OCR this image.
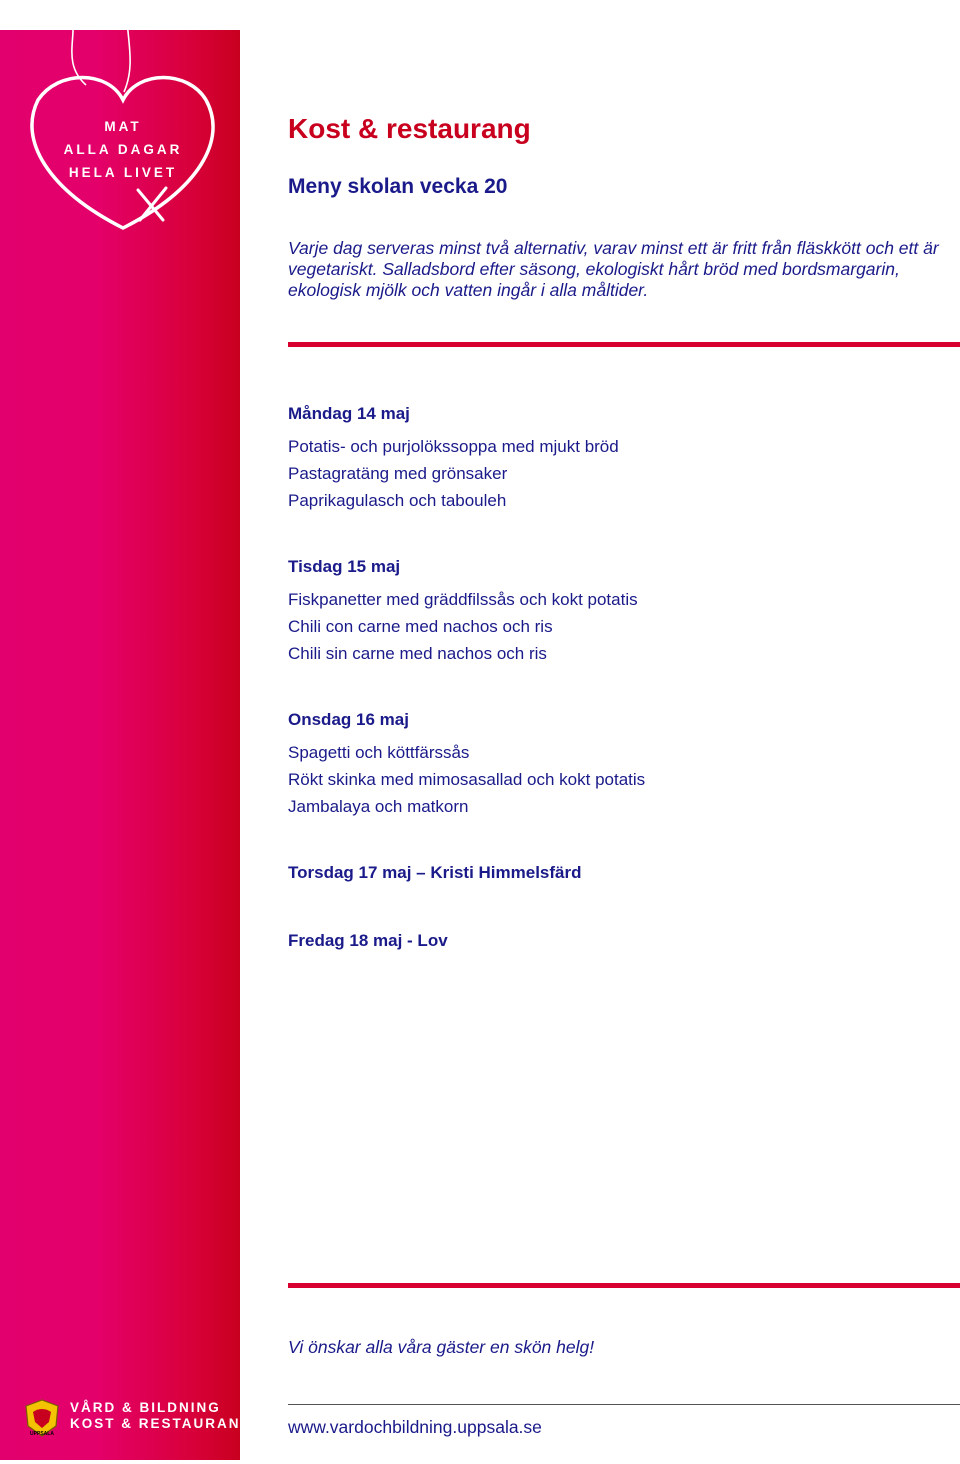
MAT
ALLA DAGAR
HELA LIVET
Kost & restaurang
Meny skolan vecka 20

Varje dag serveras minst två alternativ, varav minst ett är fritt från fläskkött och ett är vegetariskt. Salladsbord efter säsong, ekologiskt hårt bröd med bordsmargarin, ekologisk mjölk och vatten ingår i alla måltider.

Måndag 14 maj

Potatis- och purjolökssoppa med mjukt bröd

Pastagratäng med grönsaker

Paprikagulasch och tabouleh

Tisdag 15 maj

Fiskpanetter med gräddfilssås och kokt potatis

Chili con carne med nachos och ris

Chili sin carne med nachos och ris

Onsdag 16 maj

Spagetti och köttfärssås

Rökt skinka med mimosasallad och kokt potatis

Jambalaya och matkorn

Torsdag 17 maj – Kristi Himmelsfärd

Fredag 18 maj - Lov

Vi önskar alla våra gäster en skön helg!

www.vardochbildning.uppsala.se

UPPSALA
VÅRD & BILDNING
KOST & RESTAURANG
